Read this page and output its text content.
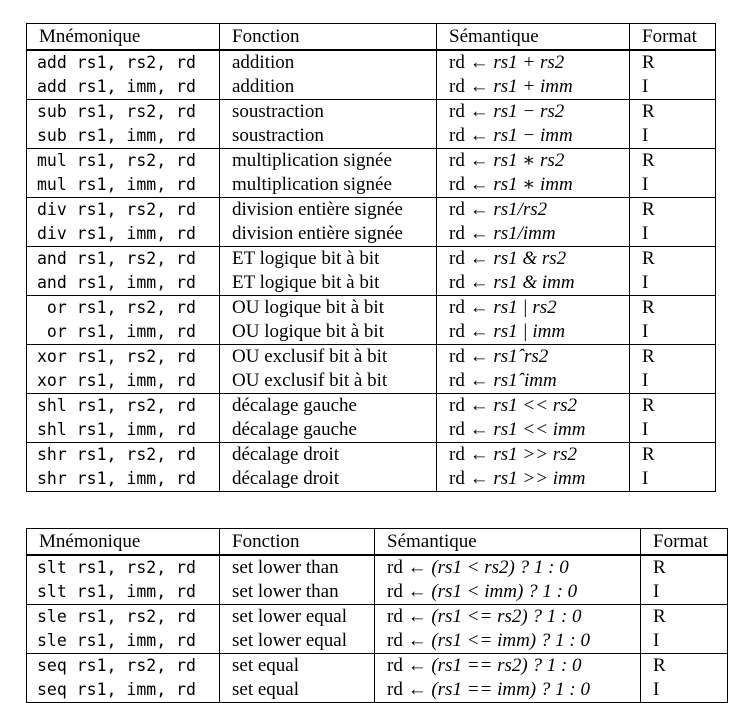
Mnémonique	Fonction	Sémantique	Format
add rs1, rs2, rd	addition	rd ← rs1 + rs2	R
add rs1, imm, rd	addition	rd ← rs1 + imm	I
sub rs1, rs2, rd	soustraction	rd ← rs1 − rs2	R
sub rs1, imm, rd	soustraction	rd ← rs1 − imm	I
mul rs1, rs2, rd	multiplication signée	rd ← rs1 ∗ rs2	R
mul rs1, imm, rd	multiplication signée	rd ← rs1 ∗ imm	I
div rs1, rs2, rd	division entière signée	rd ← rs1/rs2	R
div rs1, imm, rd	division entière signée	rd ← rs1/imm	I
and rs1, rs2, rd	ET logique bit à bit	rd ← rs1 & rs2	R
and rs1, imm, rd	ET logique bit à bit	rd ← rs1 & imm	I
or rs1, rs2, rd	OU logique bit à bit	rd ← rs1 | rs2	R
or rs1, imm, rd	OU logique bit à bit	rd ← rs1 | imm	I
xor rs1, rs2, rd	OU exclusif bit à bit	rd ← rs1ˆrs2	R
xor rs1, imm, rd	OU exclusif bit à bit	rd ← rs1ˆimm	I
shl rs1, rs2, rd	décalage gauche	rd ← rs1 << rs2	R
shl rs1, imm, rd	décalage gauche	rd ← rs1 << imm	I
shr rs1, rs2, rd	décalage droit	rd ← rs1 >> rs2	R
shr rs1, imm, rd	décalage droit	rd ← rs1 >> imm	I
Mnémonique	Fonction	Sémantique	Format
slt rs1, rs2, rd	set lower than	rd ← (rs1 < rs2) ? 1 : 0	R
slt rs1, imm, rd	set lower than	rd ← (rs1 < imm) ? 1 : 0	I
sle rs1, rs2, rd	set lower equal	rd ← (rs1 <= rs2) ? 1 : 0	R
sle rs1, imm, rd	set lower equal	rd ← (rs1 <= imm) ? 1 : 0	I
seq rs1, rs2, rd	set equal	rd ← (rs1 == rs2) ? 1 : 0	R
seq rs1, imm, rd	set equal	rd ← (rs1 == imm) ? 1 : 0	I
